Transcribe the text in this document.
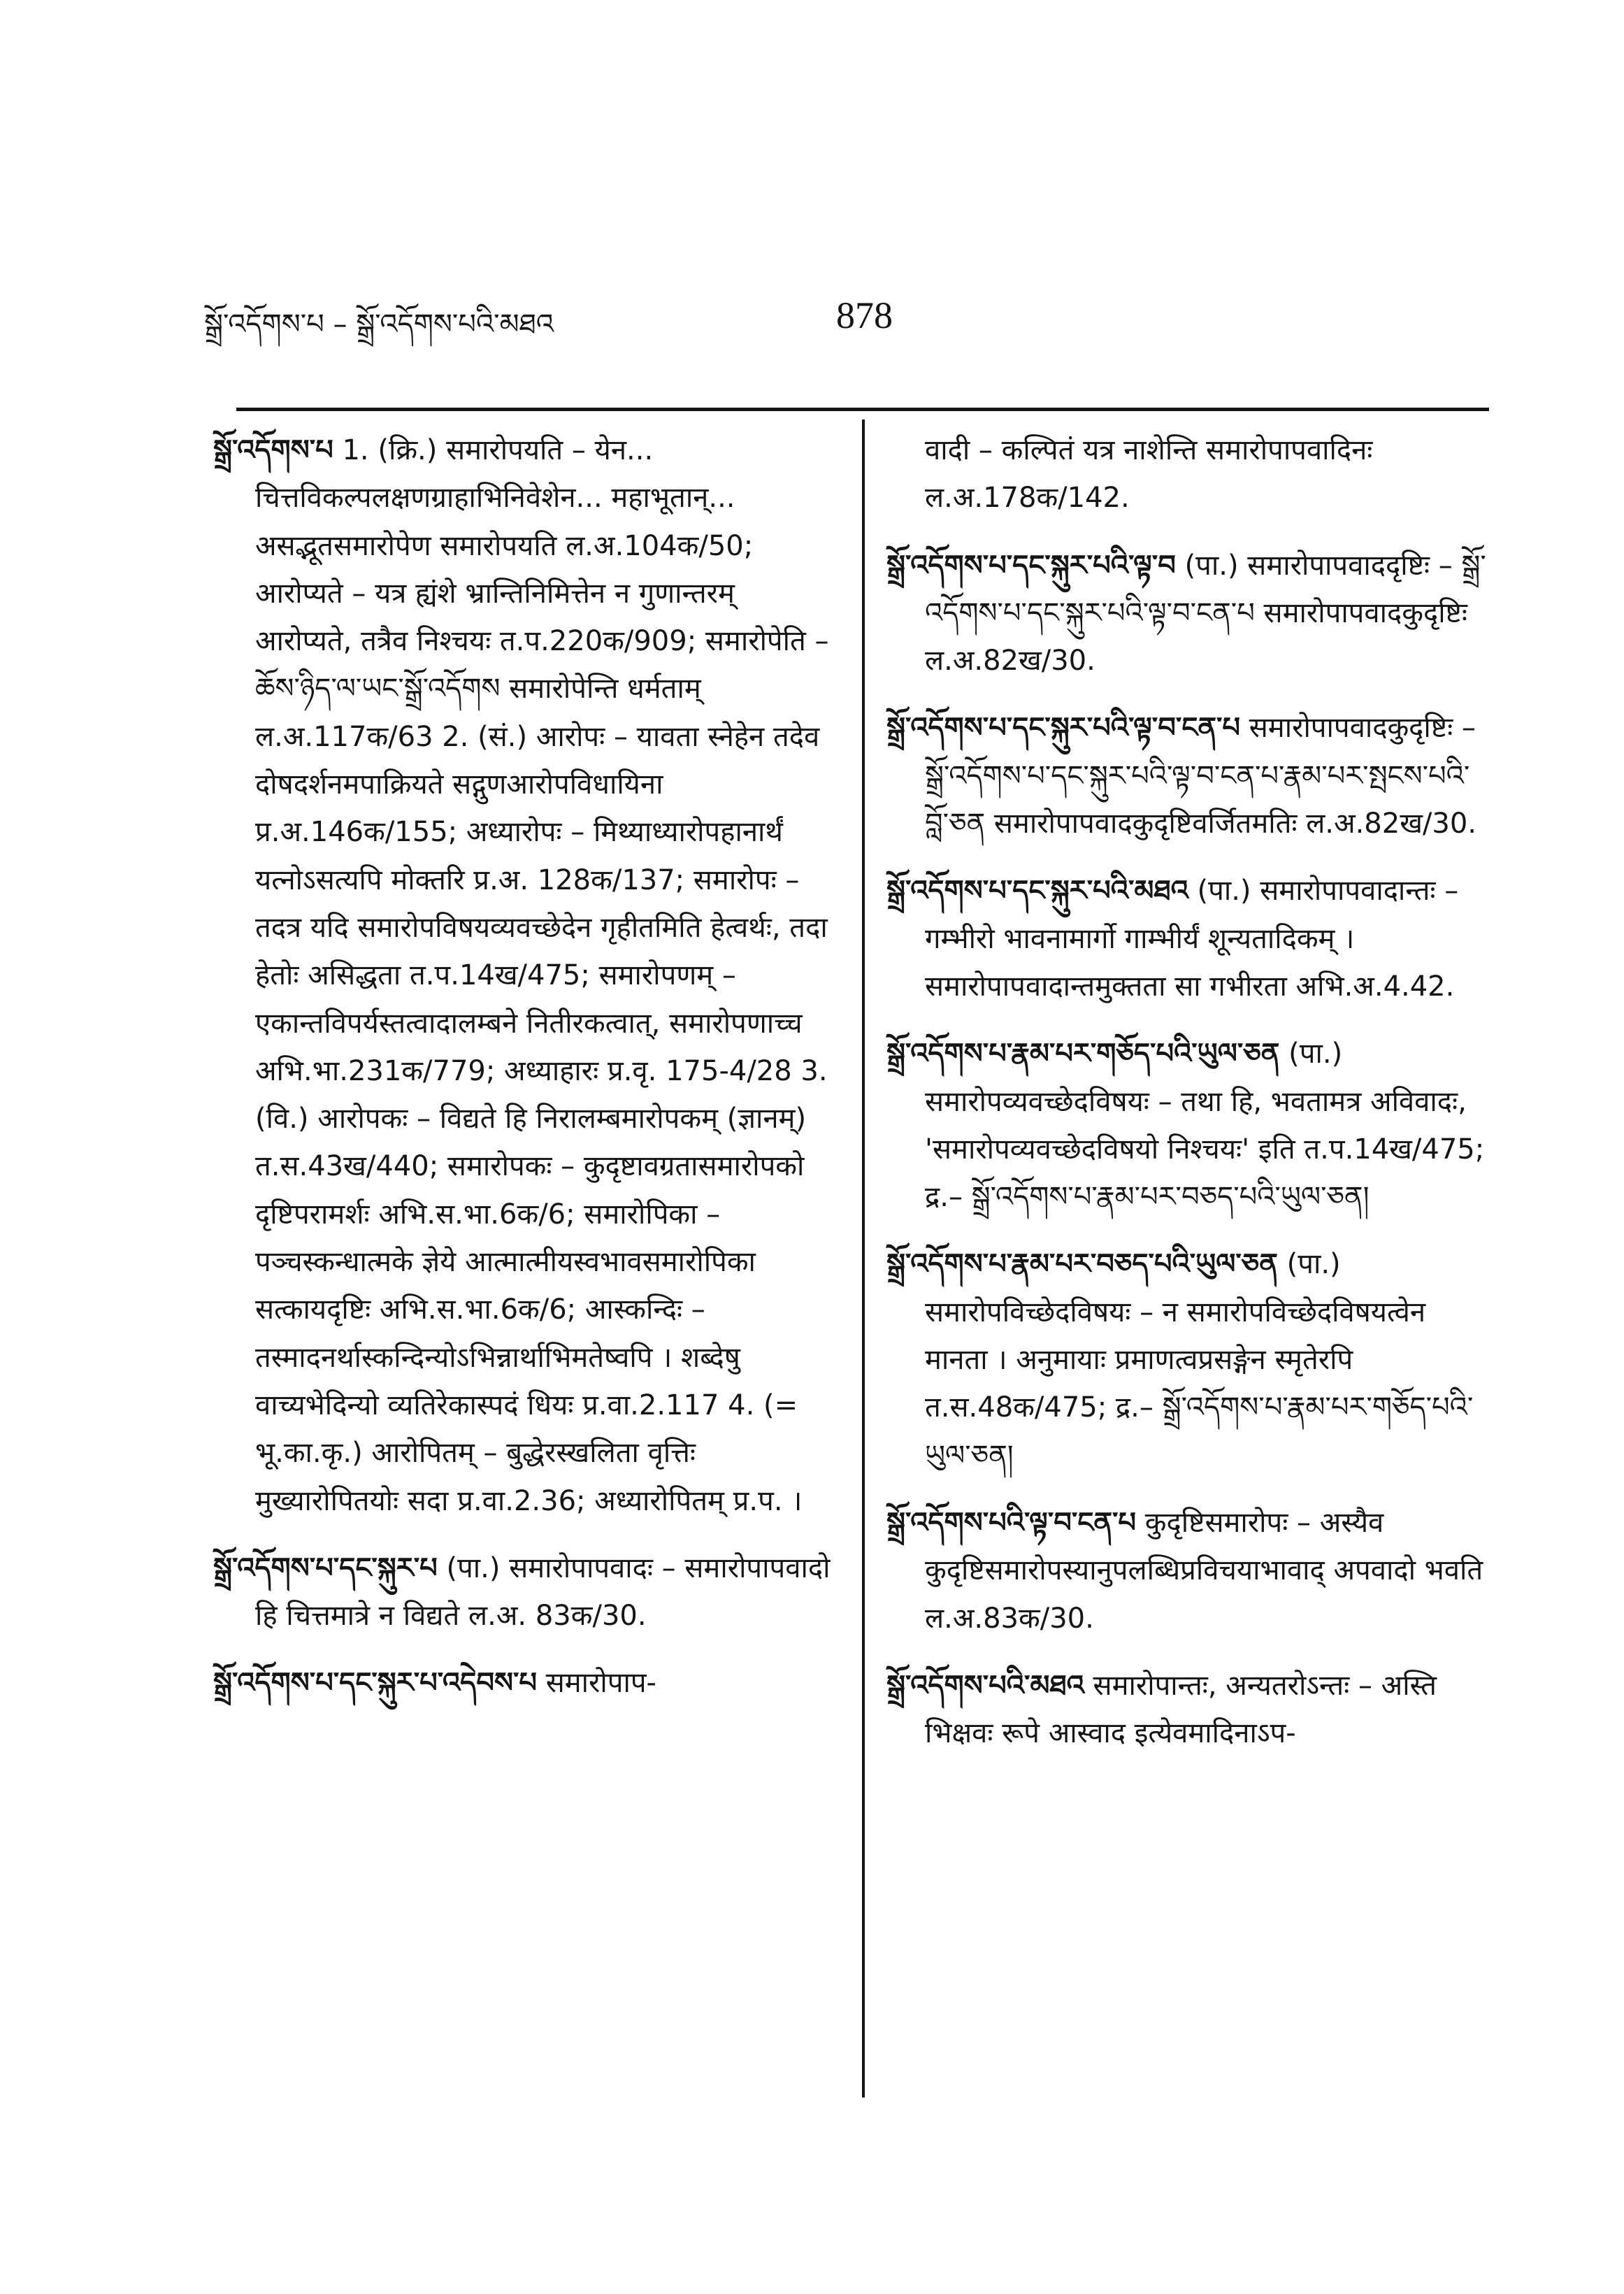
སྒྲོ་འདོགས་པ – སྒྲོ་འདོགས་པའི་མཐའ	878

སྒྲོ་འདོགས་པ 1. (क्रि.) समारोपयति – येन... चित्तविकल्पलक्षणग्राहाभिनिवेशेन... महाभूतान्... असद्भूतसमारोपेण समारोपयति ल.अ.104क/50; आरोप्यते – यत्र ह्यंशे भ्रान्तिनिमित्तेन न गुणान्तरम् आरोप्यते, तत्रैव निश्चयः त.प.220क/909; समारोपेति – ཆོས་ཉིད་ལ་ཡང་སྒྲོ་འདོགས समारोपेन्ति धर्मताम् ल.अ.117क/63 2. (सं.) आरोपः – यावता स्नेहेन तदेव दोषदर्शनमपाक्रियते सद्गुणआरोपविधायिना प्र.अ.146क/155; अध्यारोपः – मिथ्याध्यारोपहानार्थं यत्नोऽसत्यपि मोक्तरि प्र.अ. 128क/137; समारोपः – तदत्र यदि समारोपविषयव्यवच्छेदेन गृहीतमिति हेत्वर्थः, तदा हेतोः असिद्धता त.प.14ख/475; समारोपणम् – एकान्तविपर्यस्तत्वादालम्बने नितीरकत्वात्, समारोपणाच्च अभि.भा.231क/779; अध्याहारः प्र.वृ. 175-4/28 3. (वि.) आरोपकः – विद्यते हि निरालम्बमारोपकम् (ज्ञानम्) त.स.43ख/440; समारोपकः – कुदृष्टावग्रतासमारोपको दृष्टिपरामर्शः अभि.स.भा.6क/6; समारोपिका – पञ्चस्कन्धात्मके ज्ञेये आत्मात्मीयस्वभावसमारोपिका सत्कायदृष्टिः अभि.स.भा.6क/6; आस्कन्दिः – तस्मादनर्थास्कन्दिन्योऽभिन्नार्थाभिमतेष्वपि । शब्देषु वाच्यभेदिन्यो व्यतिरेकास्पदं धियः प्र.वा.2.117 4. (= भू.का.कृ.) आरोपितम् – बुद्धेरस्खलिता वृत्तिः मुख्यारोपितयोः सदा प्र.वा.2.36; अध्यारोपितम् प्र.प. ।

སྒྲོ་འདོགས་པ་དང་སྐུར་པ (पा.) समारोपापवादः – समारोपापवादो हि चित्तमात्रे न विद्यते ल.अ. 83क/30.

སྒྲོ་འདོགས་པ་དང་སྐུར་པ་འདེབས་པ समारोपाप-

वादी – कल्पितं यत्र नाशेन्ति समारोपापवादिनः ल.अ.178क/142.

སྒྲོ་འདོགས་པ་དང་སྐུར་པའི་ལྟ་བ (पा.) समारोपापवाददृष्टिः – སྒྲོ་འདོགས་པ་དང་སྐུར་པའི་ལྟ་བ་ངན་པ समारोपापवादकुदृष्टिः ल.अ.82ख/30.

སྒྲོ་འདོགས་པ་དང་སྐུར་པའི་ལྟ་བ་ངན་པ समारोपापवादकुदृष्टिः – སྒྲོ་འདོགས་པ་དང་སྐུར་པའི་ལྟ་བ་ངན་པ་རྣམ་པར་སྤངས་པའི་བློ་ཅན समारोपापवादकुदृष्टिवर्जितमतिः ल.अ.82ख/30.

སྒྲོ་འདོགས་པ་དང་སྐུར་པའི་མཐའ (पा.) समारोपापवादान्तः – गम्भीरो भावनामार्गो गाम्भीर्यं शून्यतादिकम् । समारोपापवादान्तमुक्तता सा गभीरता अभि.अ.4.42.

སྒྲོ་འདོགས་པ་རྣམ་པར་གཅོད་པའི་ཡུལ་ཅན (पा.) समारोपव्यवच्छेदविषयः – तथा हि, भवतामत्र अविवादः, 'समारोपव्यवच्छेदविषयो निश्चयः' इति त.प.14ख/475; द्र.– སྒྲོ་འདོགས་པ་རྣམ་པར་བཅད་པའི་ཡུལ་ཅན།

སྒྲོ་འདོགས་པ་རྣམ་པར་བཅད་པའི་ཡུལ་ཅན (पा.) समारोपविच्छेदविषयः – न समारोपविच्छेदविषयत्वेन मानता । अनुमायाः प्रमाणत्वप्रसङ्गेन स्मृतेरपि त.स.48क/475; द्र.– སྒྲོ་འདོགས་པ་རྣམ་པར་གཅོད་པའི་ཡུལ་ཅན།

སྒྲོ་འདོགས་པའི་ལྟ་བ་ངན་པ कुदृष्टिसमारोपः – अस्यैव कुदृष्टिसमारोपस्यानुपलब्धिप्रविचयाभावाद् अपवादो भवति ल.अ.83क/30.

སྒྲོ་འདོགས་པའི་མཐའ समारोपान्तः, अन्यतरोऽन्तः – अस्ति भिक्षवः रूपे आस्वाद इत्येवमादिनाऽप-
